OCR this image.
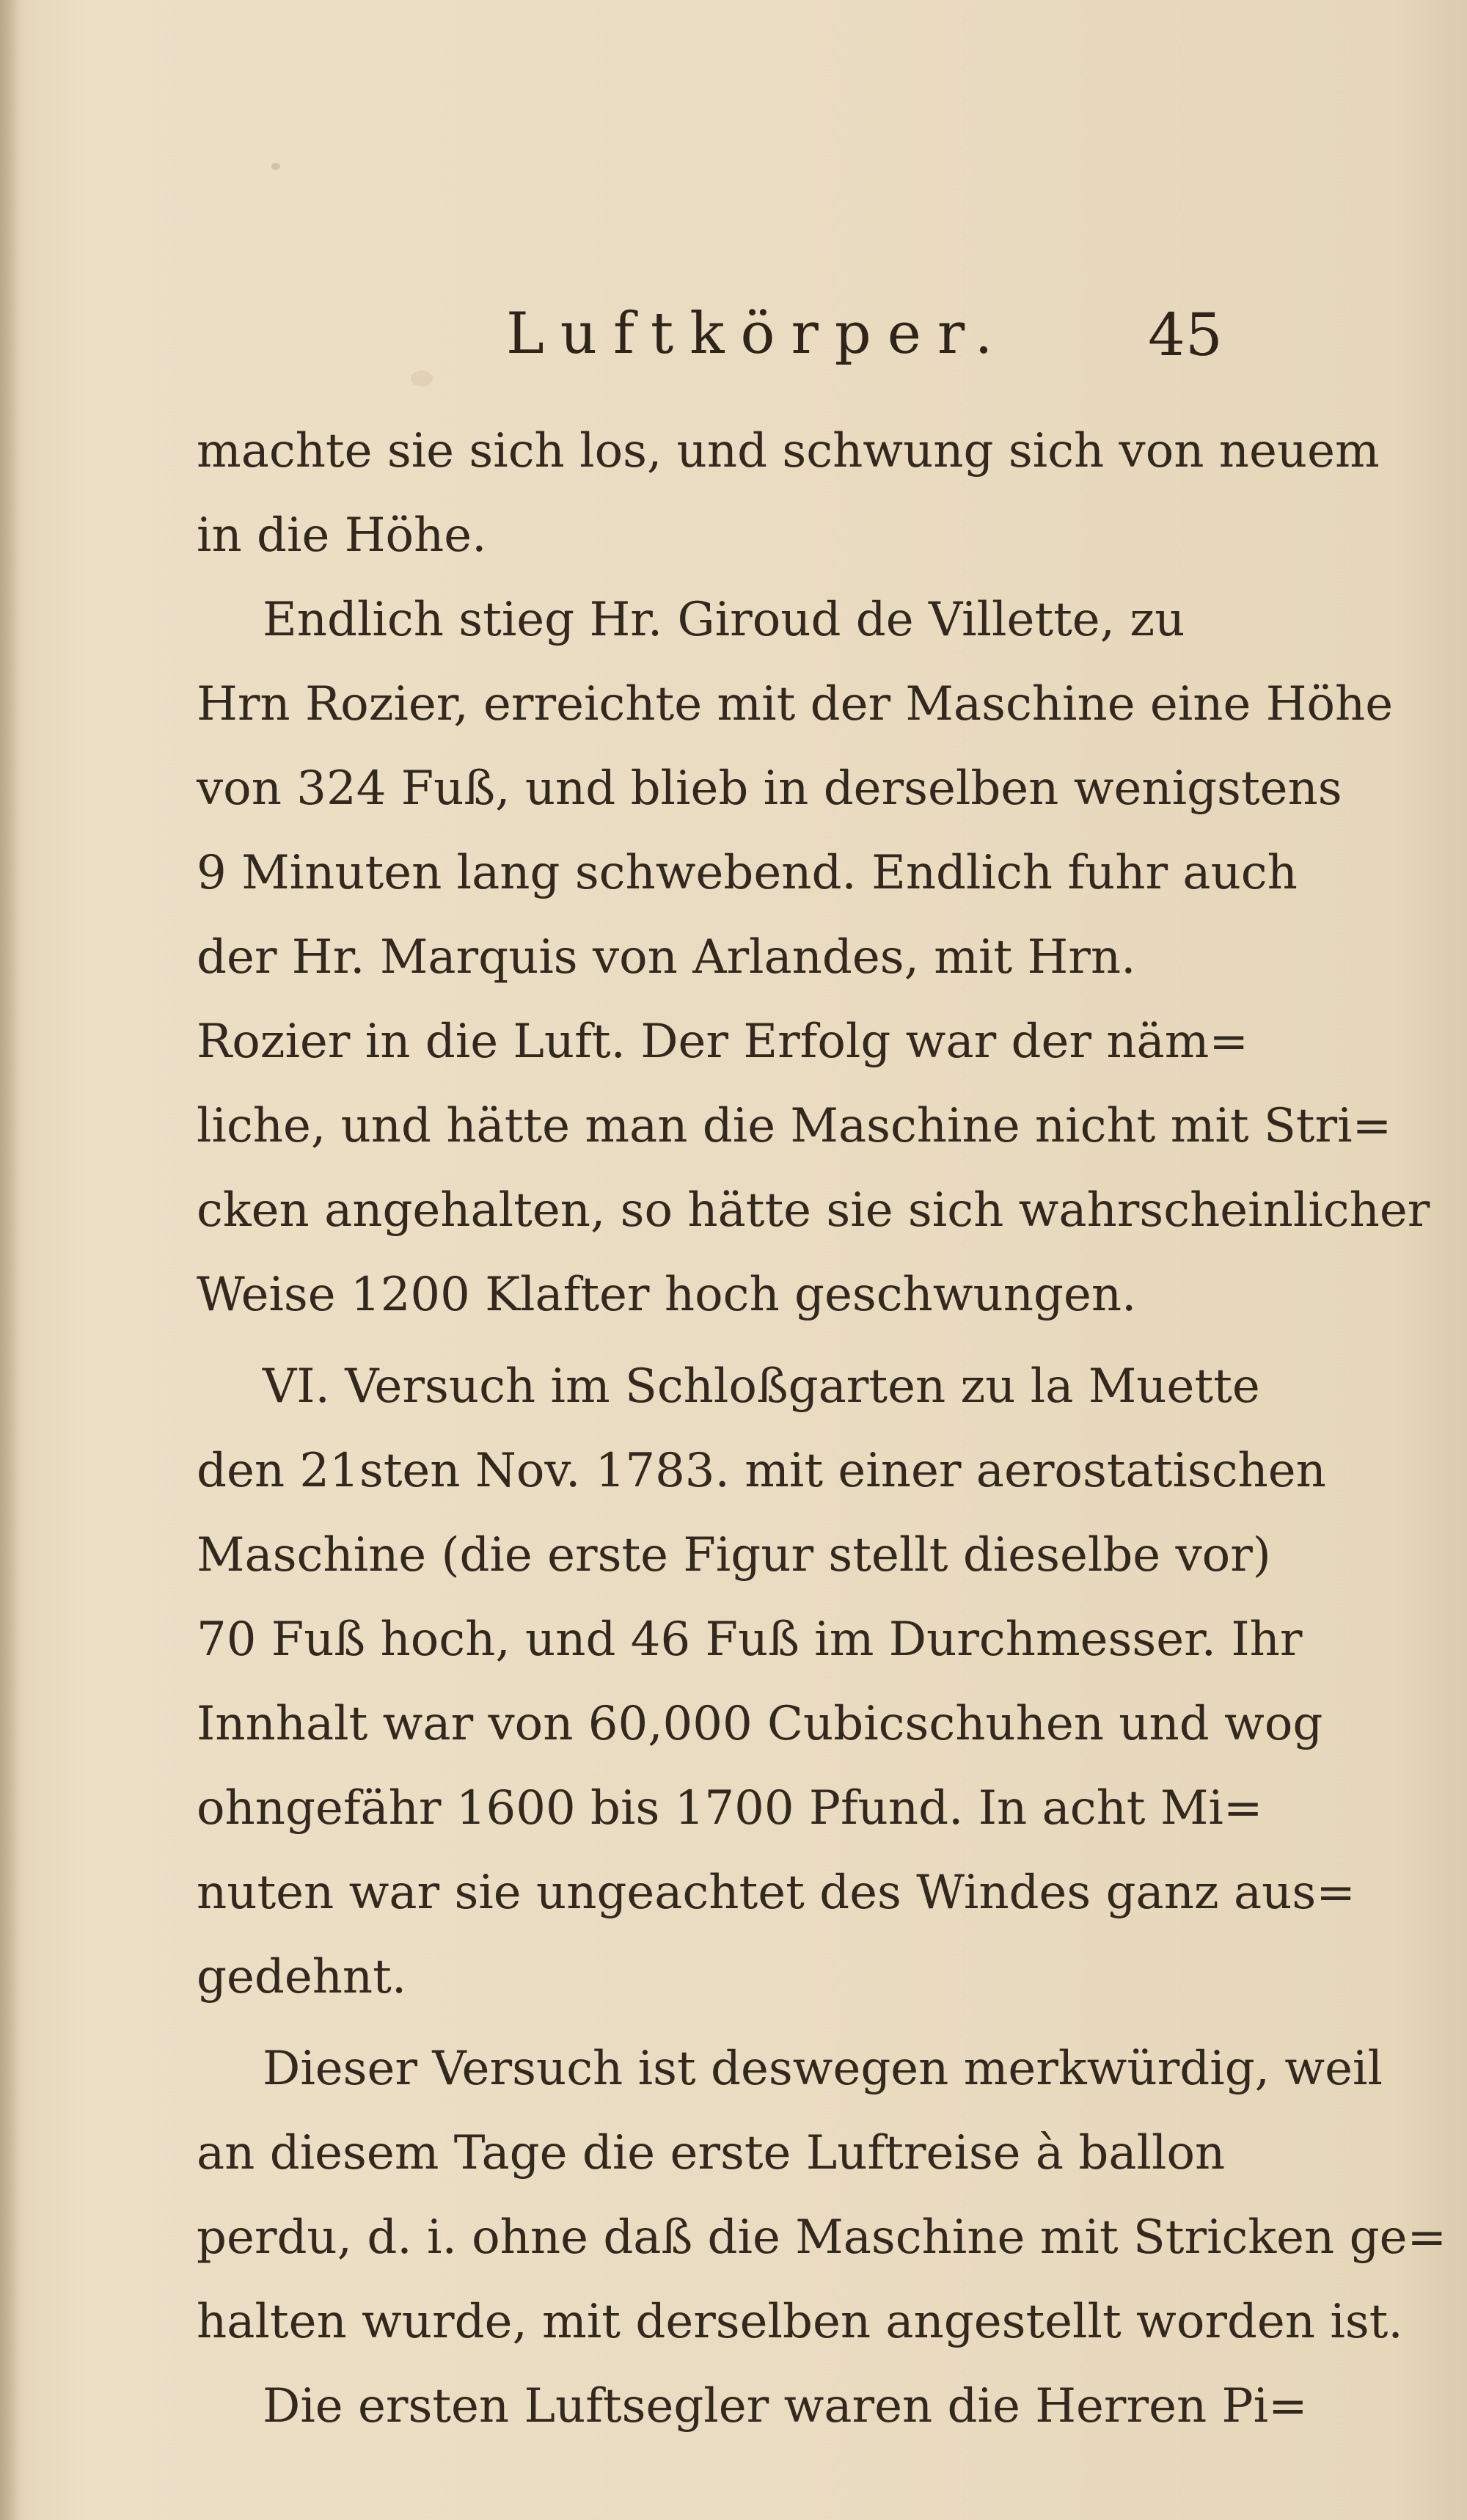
Luftkörper. 45
machte sie sich los, und schwung sich von neuem
in die Höhe.
Endlich stieg Hr. Giroud de Villette, zu
Hrn Rozier, erreichte mit der Maschine eine Höhe
von 324 Fuß, und blieb in derselben wenigstens
9 Minuten lang schwebend. Endlich fuhr auch
der Hr. Marquis von Arlandes, mit Hrn.
Rozier in die Luft. Der Erfolg war der näm=
liche, und hätte man die Maschine nicht mit Stri=
cken angehalten, so hätte sie sich wahrscheinlicher
Weise 1200 Klafter hoch geschwungen.
VI. Versuch im Schloßgarten zu la Muette
den 21sten Nov. 1783. mit einer aerostatischen
Maschine (die erste Figur stellt dieselbe vor)
70 Fuß hoch, und 46 Fuß im Durchmesser. Ihr
Innhalt war von 60,000 Cubicschuhen und wog
ohngefähr 1600 bis 1700 Pfund. In acht Mi=
nuten war sie ungeachtet des Windes ganz aus=
gedehnt.
Dieser Versuch ist deswegen merkwürdig, weil
an diesem Tage die erste Luftreise à ballon
perdu, d. i. ohne daß die Maschine mit Stricken ge=
halten wurde, mit derselben angestellt worden ist.
Die ersten Luftsegler waren die Herren Pi=
